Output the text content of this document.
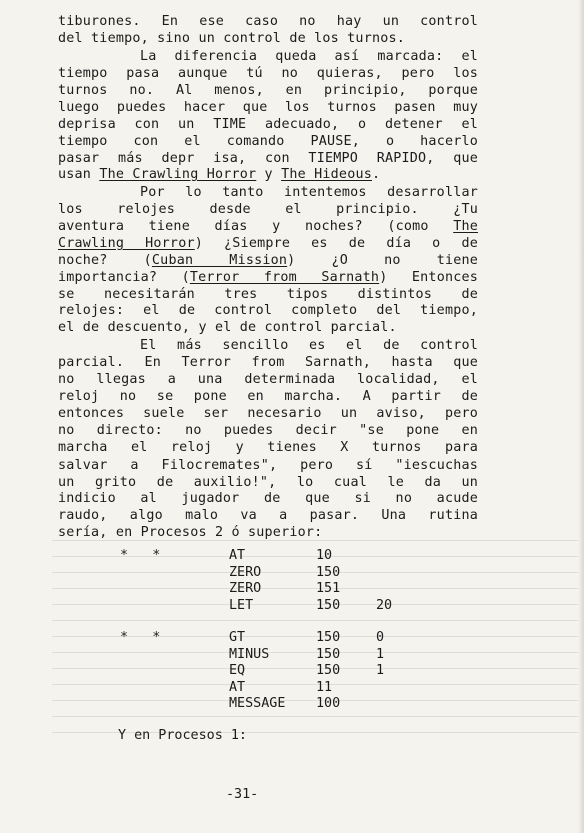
tiburones. En ese caso no hay un control
del tiempo, sino un control de los turnos.
La diferencia queda así marcada: el
tiempo pasa aunque tú no quieras, pero los
turnos no. Al menos, en principio, porque
luego puedes hacer que los turnos pasen muy
deprisa con un TIME adecuado, o detener el
tiempo con el comando PAUSE, o hacerlo
pasar más depr isa, con TIEMPO RAPIDO, que
usan The Crawling Horror y The Hideous.
Por lo tanto intentemos desarrollar
los relojes desde el principio. ¿Tu
aventura tiene días y noches? (como The
Crawling Horror) ¿Siempre es de día o de
noche? (Cuban Mission) ¿O no tiene
importancia? (Terror from Sarnath) Entonces
se necesitarán tres tipos distintos de
relojes: el de control completo del tiempo,
el de descuento, y el de control parcial.
El más sencillo es el de control
parcial. En Terror from Sarnath, hasta que
no llegas a una determinada localidad, el
reloj no se pone en marcha. A partir de
entonces suele ser necesario un aviso, pero
no directo: no puedes decir "se pone en
marcha el reloj y tienes X turnos para
salvar a Filocremates", pero sí "iescuchas
un grito de auxilio!", lo cual le da un
indicio al jugador de que si no acude
raudo, algo malo va a pasar. Una rutina
sería, en Procesos 2 ó superior:
*   *	AT	10
ZERO	150
ZERO	151
LET	150	20
*   *	GT	150	0
MINUS	150	1
EQ	150	1
AT	11
MESSAGE 100
Y en Procesos 1:
-31-
